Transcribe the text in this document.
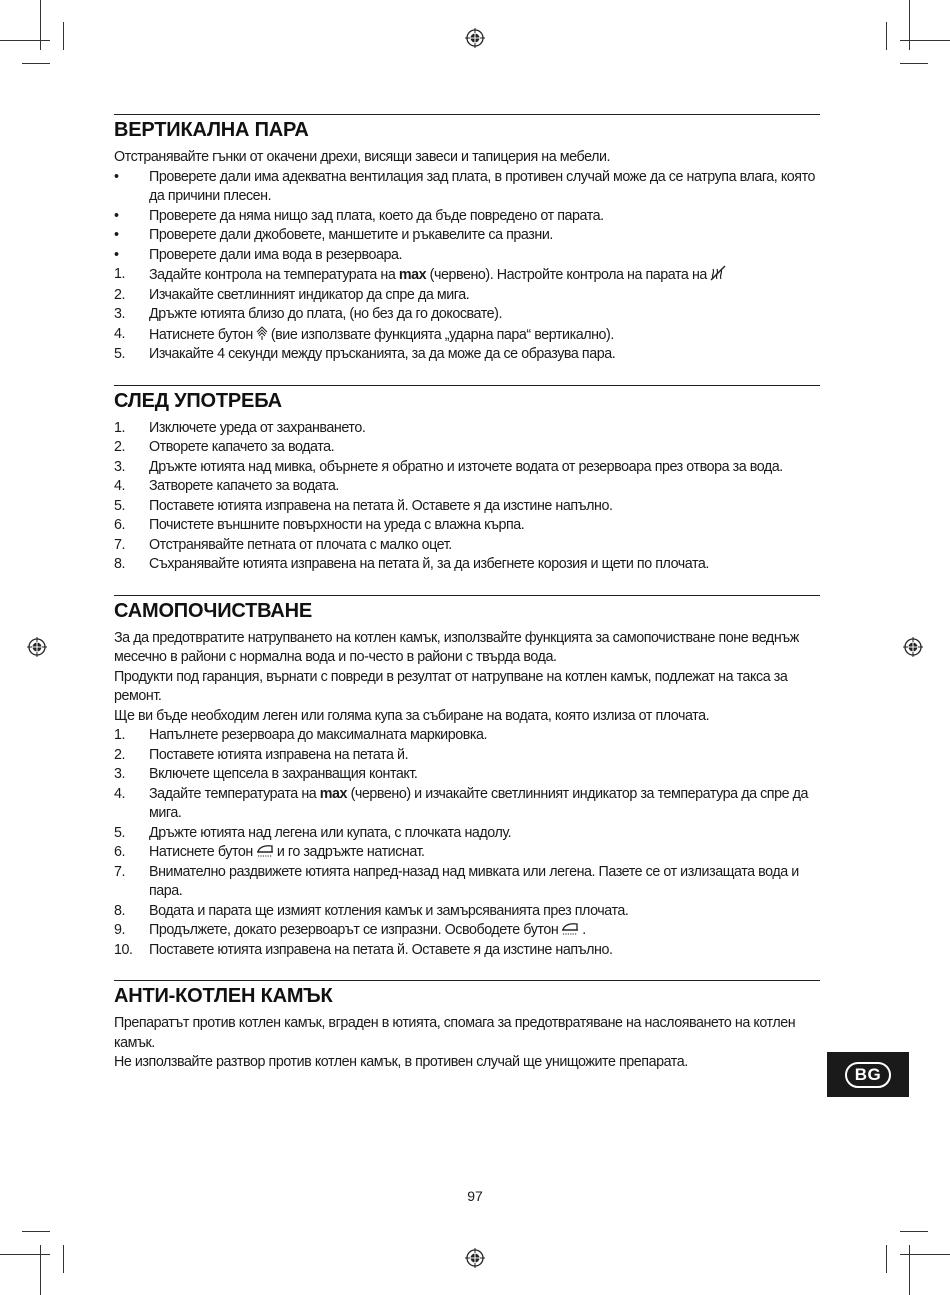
ВЕРТИКАЛНА ПАРА

Отстранявайте гънки от окачени дрехи, висящи завеси и тапицерия на мебели.

• Проверете дали има адекватна вентилация зад плата, в противен случай може да се натрупа влага, която да причини плесен.
• Проверете да няма нищо зад плата, което да бъде повредено от парата.
• Проверете дали джобовете, маншетите и ръкавелите са празни.
• Проверете дали има вода в резервоара.
1. Задайте контрола на температурата на max (червено). Настройте контрола на парата на
2. Изчакайте светлинният индикатор да спре да мига.
3. Дръжте ютията близо до плата, (но без да го докосвате).
4. Натиснете бутон (вие използвате функцията „ударна пара“ вертикално).
5. Изчакайте 4 секунди между пръсканията, за да може да се образува пара.
СЛЕД УПОТРЕБА
1. Изключете уреда от захранването.
2. Отворете капачето за водата.
3. Дръжте ютията над мивка, обърнете я обратно и източете водата от резервоара през отвора за вода.
4. Затворете капачето за водата.
5. Поставете ютията изправена на петата й. Оставете я да изстине напълно.
6. Почистете външните повърхности на уреда с влажна кърпа.
7. Отстранявайте петната от плочата с малко оцет.
8. Съхранявайте ютията изправена на петата й, за да избегнете корозия и щети по плочата.
САМОПОЧИСТВАНЕ

За да предотвратите натрупването на котлен камък, използвайте функцията за самопочистване поне веднъж месечно в райони с нормална вода и по-често в райони с твърда вода.

Продукти под гаранция, върнати с повреди в резултат от натрупване на котлен камък, подлежат на такса за ремонт.

Ще ви бъде необходим леген или голяма купа за събиране на водата, която излиза от плочата.

1. Напълнете резервоара до максималната маркировка.
2. Поставете ютията изправена на петата й.
3. Включете щепсела в захранващия контакт.
4. Задайте температурата на max (червено) и изчакайте светлинният индикатор за температура да спре да мига.
5. Дръжте ютията над легена или купата, с плочката надолу.
6. Натиснете бутон и го задръжте натиснат.
7. Внимателно раздвижете ютията напред-назад над мивката или легена. Пазете се от излизащата вода и пара.
8. Водата и парата ще измият котления камък и замърсяванията през плочата.
9. Продължете, докато резервоарът се изпразни. Освободете бутон .
10. Поставете ютията изправена на петата й. Оставете я да изстине напълно.
АНТИ-КОТЛЕН КАМЪК

Препаратът против котлен камък, вграден в ютията, спомага за предотвратяване на наслояването на котлен камък.

Не използвайте разтвор против котлен камък, в противен случай ще унищожите препарата.

BG
97
